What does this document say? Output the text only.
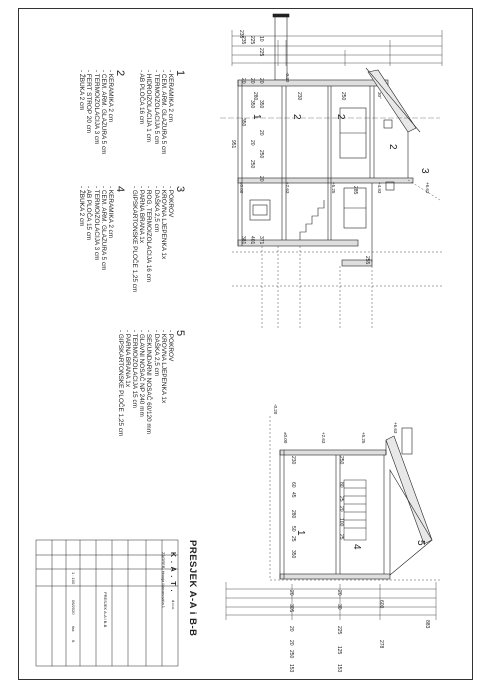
235
235
20
350
381
951
225
20
350
20
250
401
10
225
20
350
20
250
20
371
-0.20
±0.00	+2.63	+5.25	+4.93	+6.63
30°
230	250
280
285
255
1	2	2
2
3
230
60
45
280
50
25
350
250
80
25
20
100
25
20
305
20
20
250
153
20
30
225
125
153
600
278
883
-0.20
±0.00	+2.63	+5.25
+6.63
1
4
5
1
- KERAMIKA 2 cm
- CEM. ARM. GLAZURA 5 cm
- TERMOIZOLACIJA 5 cm
- HIDROIZOLACIJA 1 cm
- AB PLOČA 16 cm
2
- KERAMIKA 2 cm
- CEM. ARM. GLAZURA 5 cm
- TERMOIZOLACIJA 3 cm
- FERT STROP 20 cm
- ŽBUKA 2 cm
3
- POKROV
- KROVNA LJEPENKA 1x
- DAŠKA 2,5 cm
- ROG, TERMOIZOLACIJA 16 cm
- PARNA BRANA 1x
- GIPSKARTONSKE PLOČE 1,25 cm
4
- KERAMIKA 2 cm
- CEM. ARM. GLAZURA 5 cm
- TERMOIZOLACIJA 3 cm
- AB PLOČA 15 cm
- ŽBUKA 2 cm
5
- POKROV
- KROVNA LJEPENKA 1x
- DAŠKA 2,5 cm
- SEKUNDARNI NOSAČ 60/120 mm
- GLAVNI NOSAČ NP 240 mm
- TERMOIZOLACIJA 15 cm
- PARNA BRANA 1x
- GIPSKARTONSKE PLOČE 1,25 cm
PRESJEK A-A i B-B
K . A . T .
d.o.o.
ZAGREB, Hrvoja Macanovića 1
PRESJEK A-A i B-B
1 : 100
06/2020
list:
6.
